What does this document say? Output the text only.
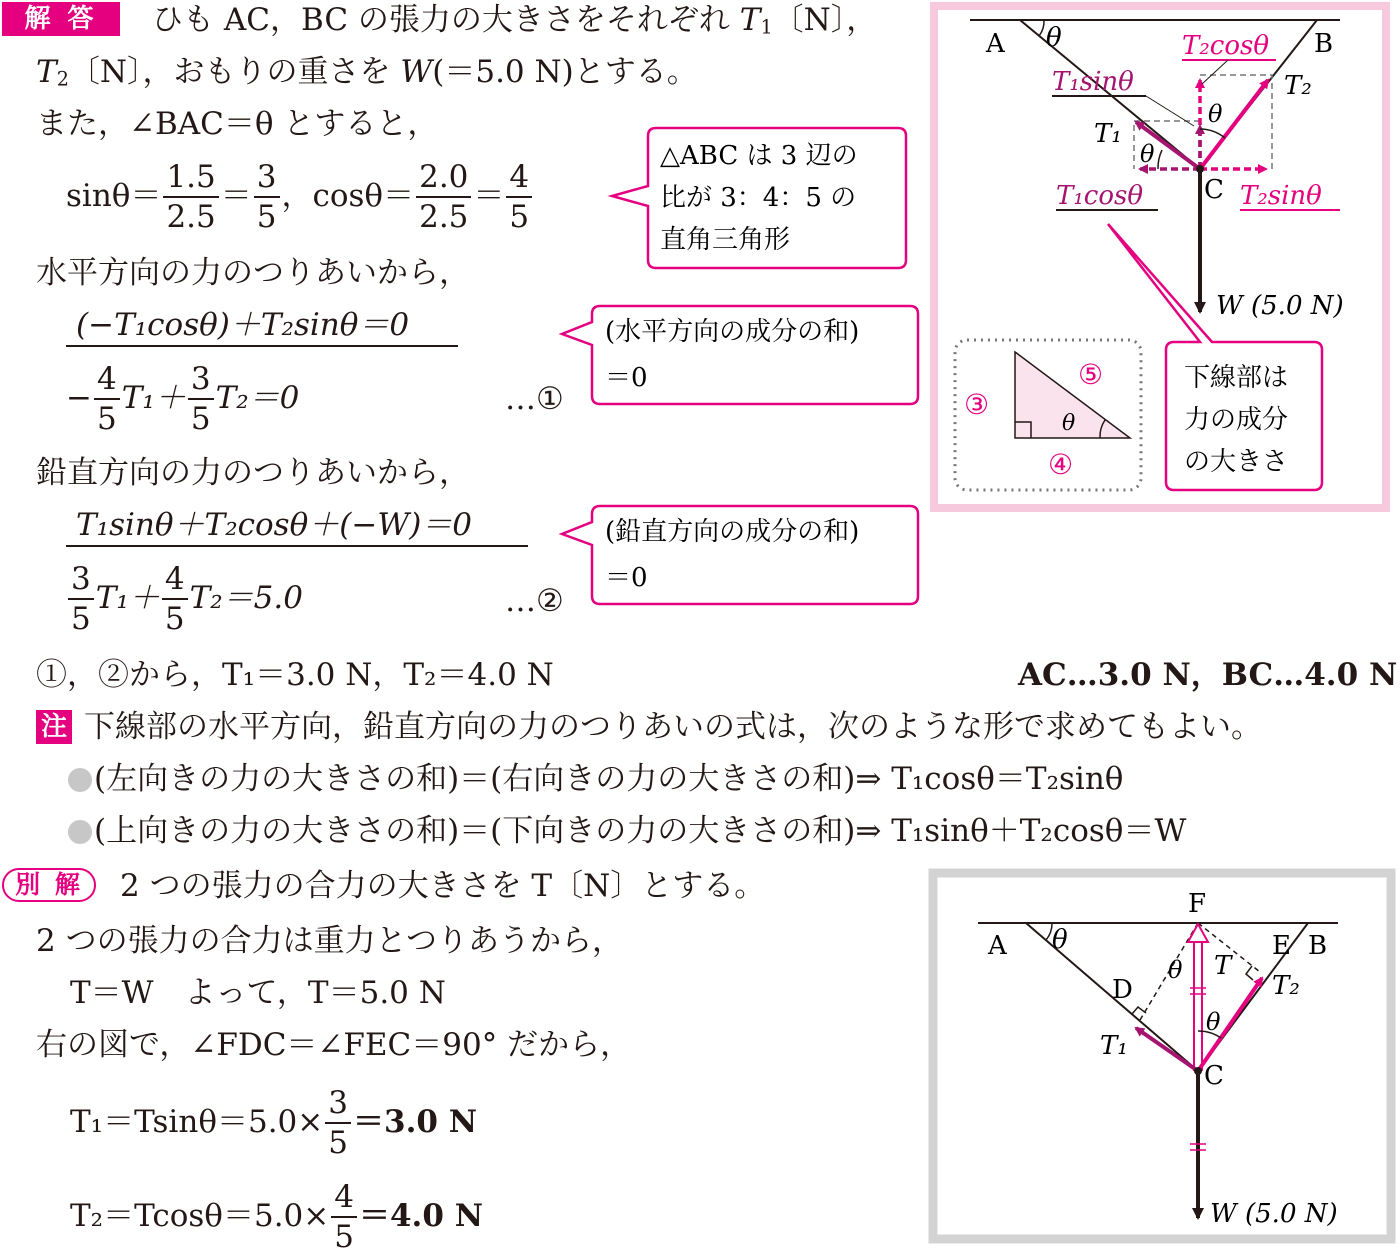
解 答	ひも AC，BC の張力の大きさをそれぞれ $T_1$〔N〕，
$T_2$〔N〕，おもりの重さを W(＝5.0 N)とする。
また，∠BAC＝θ とすると，
$\sin\theta= \frac{1.5}{2.5} = \frac{3}{5}$ ，$\cos\theta= \frac{2.0}{2.5} = \frac{4}{5}$
水平方向の力のつりあいから，
(−T₁cosθ)＋T₂sinθ＝0
− $\frac{4}{5} T_1+ \frac{3}{5} T_2=0$	…①
鉛直方向の力のつりあいから，
T₁sinθ＋T₂cosθ＋(−W)＝0
$\frac{3}{5} T_1+ \frac{4}{5} T_2=5.0$	…②
①，②から，T₁＝3.0 N，T₂＝4.0 N	AC…3.0 N，BC…4.0 N
注 下線部の水平方向，鉛直方向の力のつりあいの式は，次のような形で求めてもよい。
(左向きの力の大きさの和)＝(右向きの力の大きさの和)⇒ T₁cosθ＝T₂sinθ
(上向きの力の大きさの和)＝(下向きの力の大きさの和)⇒ T₁sinθ＋T₂cosθ＝W
別 解	2 つの張力の合力の大きさを T〔N〕とする。
2 つの張力の合力は重力とつりあうから，
T＝W　よって，T＝5.0 N
右の図で，∠FDC＝∠FEC＝90° だから，
$T_1=Tsin\theta=5.0\times \frac{3}{5} =3.0$ N
$T_2=Tcos\theta=5.0\times \frac{4}{5} =4.0$ N
△ABC は 3 辺の
比が 3：4：5 の
直角三角形
(水平方向の成分の和)
＝0
(鉛直方向の成分の和)
＝0
A θ	B
W (5.0 N)
θ
θ
C
T₁
T₂
T₂cosθ
T₁sinθ
T₁cosθ	T₂sinθ
θ
③
④
⑤	下線部は
力の成分
の大きさ
A θ	B
F
D
E
T
θ
θ
T₁
T₂
C
W (5.0 N)
